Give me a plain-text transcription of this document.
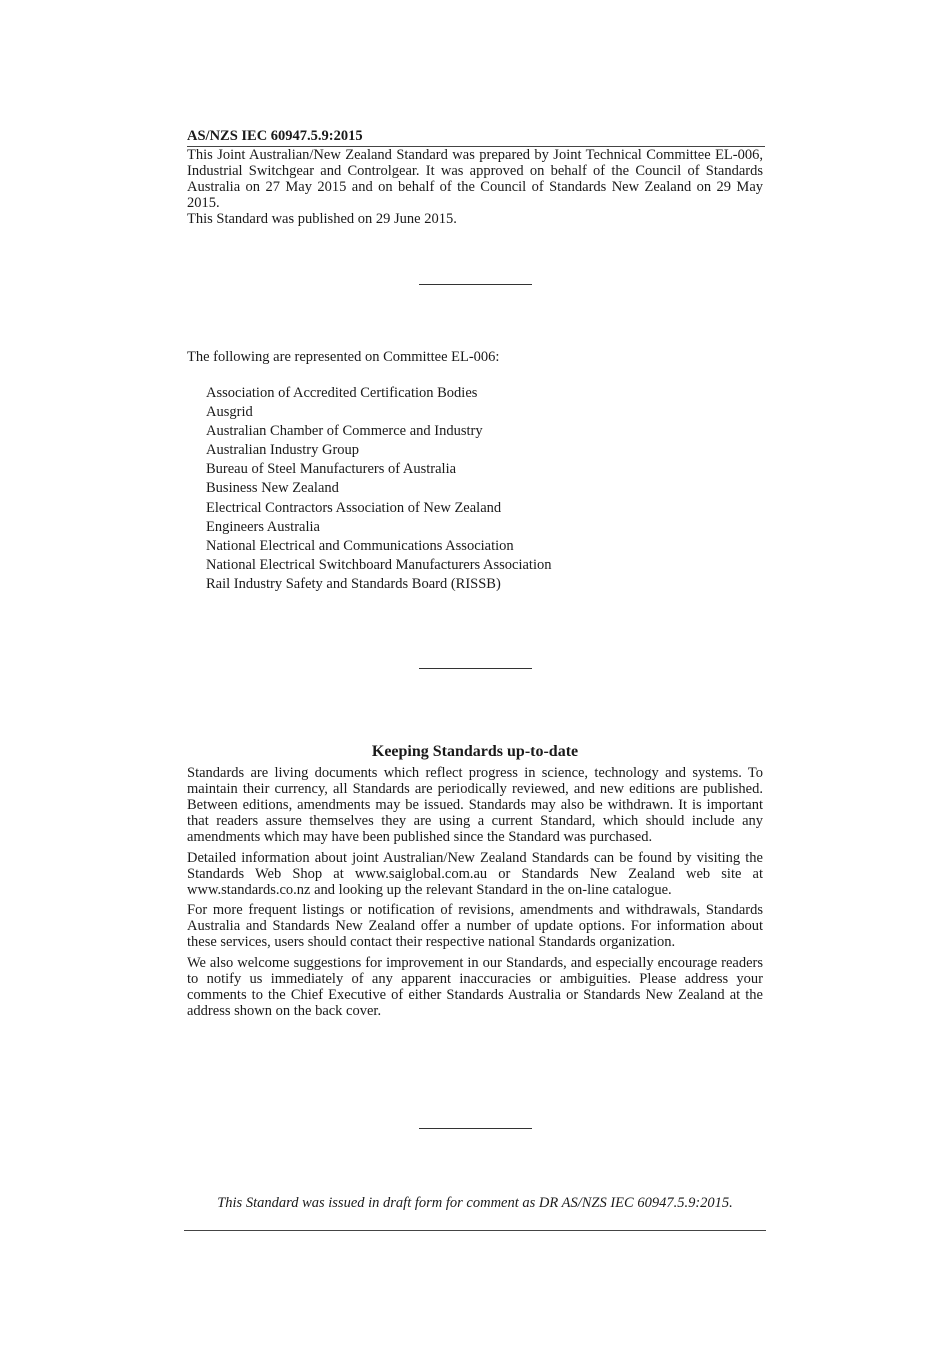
AS/NZS IEC 60947.5.9:2015

This Joint Australian/New Zealand Standard was prepared by Joint Technical Committee EL-006, Industrial Switchgear and Controlgear. It was approved on behalf of the Council of Standards Australia on 27 May 2015 and on behalf of the Council of Standards New Zealand on 29 May 2015.

This Standard was published on 29 June 2015.

The following are represented on Committee EL-006:
Association of Accredited Certification Bodies
Ausgrid
Australian Chamber of Commerce and Industry
Australian Industry Group
Bureau of Steel Manufacturers of Australia
Business New Zealand
Electrical Contractors Association of New Zealand
Engineers Australia
National Electrical and Communications Association
National Electrical Switchboard Manufacturers Association
Rail Industry Safety and Standards Board (RISSB)
Keeping Standards up-to-date

Standards are living documents which reflect progress in science, technology and systems. To maintain their currency, all Standards are periodically reviewed, and new editions are published. Between editions, amendments may be issued. Standards may also be withdrawn. It is important that readers assure themselves they are using a current Standard, which should include any amendments which may have been published since the Standard was purchased.

Detailed information about joint Australian/New Zealand Standards can be found by visiting the Standards Web Shop at www.saiglobal.com.au or Standards New Zealand web site at www.standards.co.nz and looking up the relevant Standard in the on-line catalogue.

For more frequent listings or notification of revisions, amendments and withdrawals, Standards Australia and Standards New Zealand offer a number of update options. For information about these services, users should contact their respective national Standards organization.

We also welcome suggestions for improvement in our Standards, and especially encourage readers to notify us immediately of any apparent inaccuracies or ambiguities. Please address your comments to the Chief Executive of either Standards Australia or Standards New Zealand at the address shown on the back cover.

This Standard was issued in draft form for comment as DR AS/NZS IEC 60947.5.9:2015.
